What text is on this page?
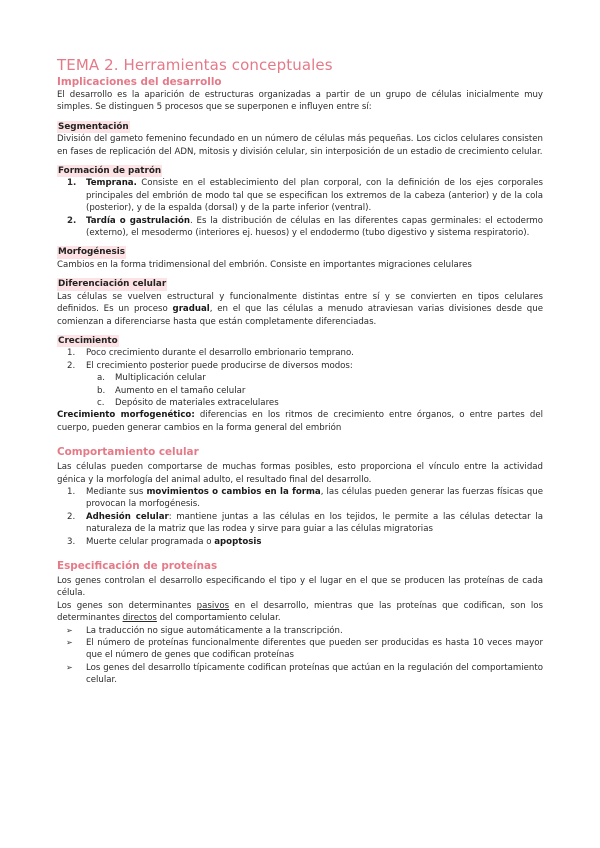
TEMA 2. Herramientas conceptuales
Implicaciones del desarrollo

El desarrollo es la aparición de estructuras organizadas a partir de un grupo de células inicialmente muy simples. Se distinguen 5 procesos que se superponen e influyen entre sí:

Segmentación

División del gameto femenino fecundado en un número de células más pequeñas. Los ciclos celulares consisten en fases de replicación del ADN, mitosis y división celular, sin interposición de un estadio de crecimiento celular.

Formación de patrón
1. Temprana. Consiste en el establecimiento del plan corporal, con la definición de los ejes corporales principales del embrión de modo tal que se especifican los extremos de la cabeza (anterior) y de la cola (posterior), y de la espalda (dorsal) y de la parte inferior (ventral).
2. Tardía o gastrulación. Es la distribución de células en las diferentes capas germinales: el ectodermo (externo), el mesodermo (interiores ej. huesos) y el endodermo (tubo digestivo y sistema respiratorio).
Morfogénesis

Cambios en la forma tridimensional del embrión. Consiste en importantes migraciones celulares

Diferenciación celular

Las células se vuelven estructural y funcionalmente distintas entre sí y se convierten en tipos celulares definidos. Es un proceso gradual, en el que las células a menudo atraviesan varias divisiones desde que comienzan a diferenciarse hasta que están completamente diferenciadas.

Crecimiento
1. Poco crecimiento durante el desarrollo embrionario temprano.
2. El crecimiento posterior puede producirse de diversos modos:
a. Multiplicación celular
b. Aumento en el tamaño celular
c. Depósito de materiales extracelulares

Crecimiento morfogenético: diferencias en los ritmos de crecimiento entre órganos, o entre partes del cuerpo, pueden generar cambios en la forma general del embrión

Comportamiento celular

Las células pueden comportarse de muchas formas posibles, esto proporciona el vínculo entre la actividad génica y la morfología del animal adulto, el resultado final del desarrollo.

1. Mediante sus movimientos o cambios en la forma, las células pueden generar las fuerzas físicas que provocan la morfogénesis.
2. Adhesión celular: mantiene juntas a las células en los tejidos, le permite a las células detectar la naturaleza de la matriz que las rodea y sirve para guiar a las células migratorias
3. Muerte celular programada o apoptosis
Especificación de proteínas

Los genes controlan el desarrollo especificando el tipo y el lugar en el que se producen las proteínas de cada célula.

Los genes son determinantes pasivos en el desarrollo, mientras que las proteínas que codifican, son los determinantes directos del comportamiento celular.

➢ La traducción no sigue automáticamente a la transcripción.
➢ El número de proteínas funcionalmente diferentes que pueden ser producidas es hasta 10 veces mayor que el número de genes que codifican proteínas
➢ Los genes del desarrollo típicamente codifican proteínas que actúan en la regulación del comportamiento celular.
